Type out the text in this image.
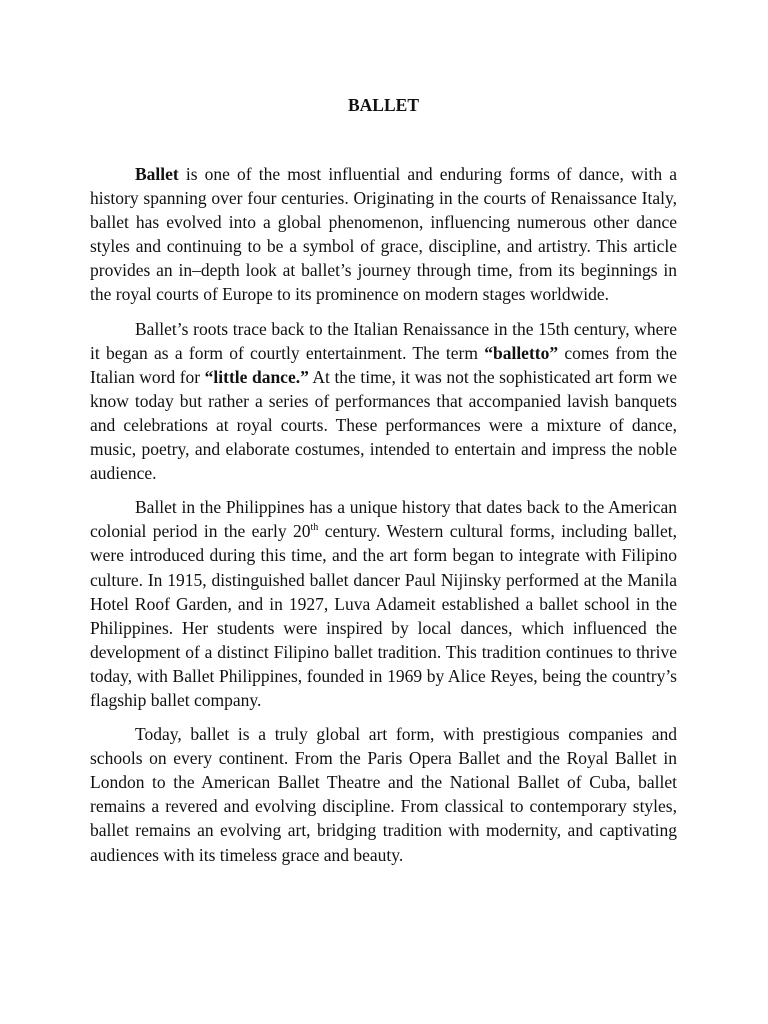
BALLET

Ballet is one of the most influential and enduring forms of dance, with a history spanning over four centuries. Originating in the courts of Renaissance Italy, ballet has evolved into a global phenomenon, influencing numerous other dance styles and continuing to be a symbol of grace, discipline, and artistry. This article provides an in–depth look at ballet’s journey through time, from its beginnings in the royal courts of Europe to its prominence on modern stages worldwide.

Ballet’s roots trace back to the Italian Renaissance in the 15th century, where it began as a form of courtly entertainment. The term “balletto” comes from the Italian word for “little dance.” At the time, it was not the sophisticated art form we know today but rather a series of performances that accompanied lavish banquets and celebrations at royal courts. These performances were a mixture of dance, music, poetry, and elaborate costumes, intended to entertain and impress the noble audience.

Ballet in the Philippines has a unique history that dates back to the American colonial period in the early 20th century. Western cultural forms, including ballet, were introduced during this time, and the art form began to integrate with Filipino culture. In 1915, distinguished ballet dancer Paul Nijinsky performed at the Manila Hotel Roof Garden, and in 1927, Luva Adameit established a ballet school in the Philippines. Her students were inspired by local dances, which influenced the development of a distinct Filipino ballet tradition. This tradition continues to thrive today, with Ballet Philippines, founded in 1969 by Alice Reyes, being the country’s flagship ballet company.

Today, ballet is a truly global art form, with prestigious companies and schools on every continent. From the Paris Opera Ballet and the Royal Ballet in London to the American Ballet Theatre and the National Ballet of Cuba, ballet remains a revered and evolving discipline. From classical to contemporary styles, ballet remains an evolving art, bridging tradition with modernity, and captivating audiences with its timeless grace and beauty.
